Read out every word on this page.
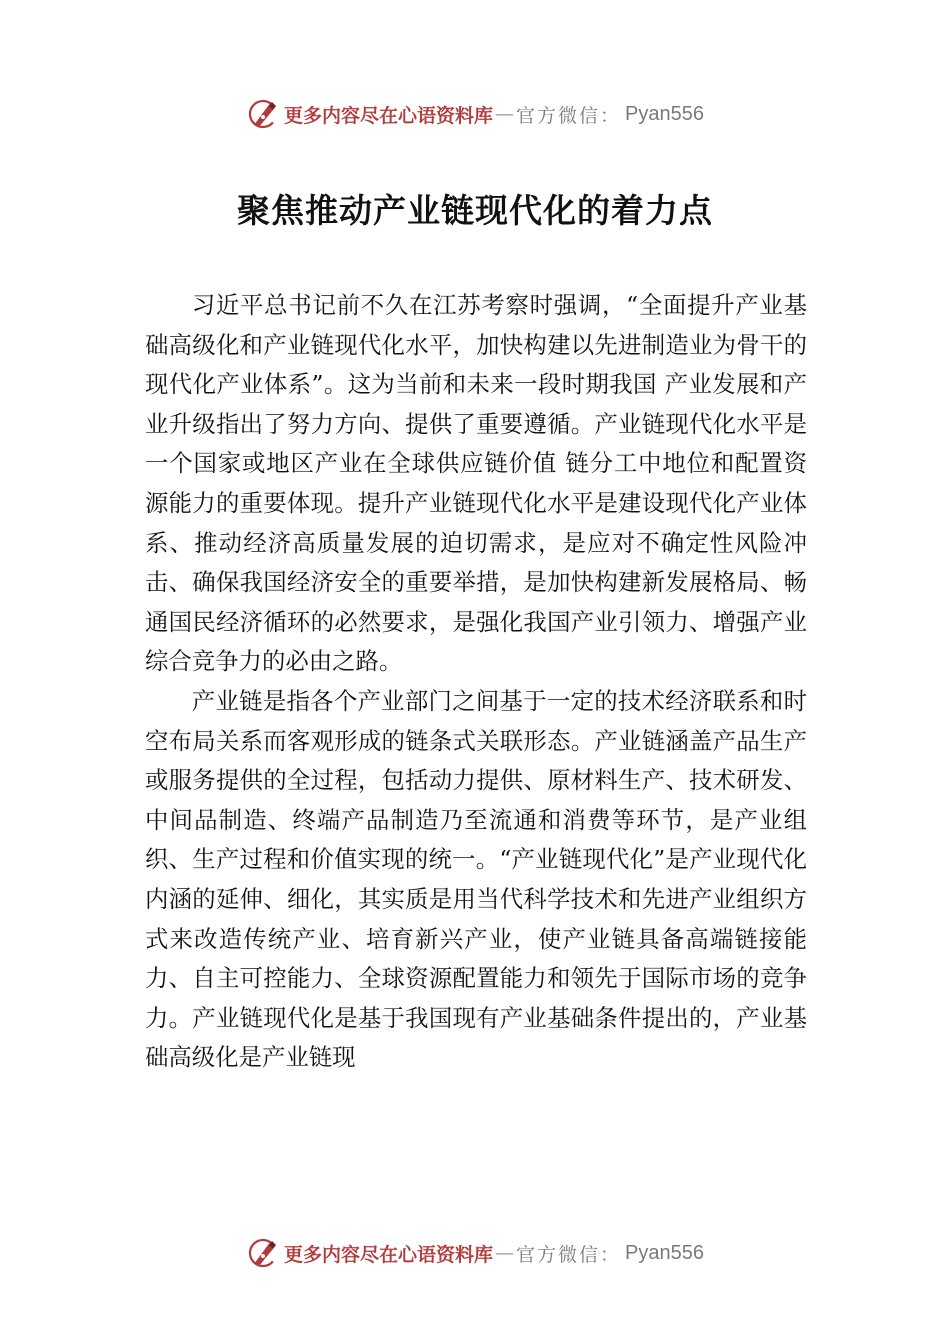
更多内容尽在心语资料库 — 官方微信： Pyan556
聚焦推动产业链现代化的着力点

习近平总书记前不久在江苏考察时强调，“全面提升产业基础高级化和产业链现代化水平，加快构建以先进制造业为骨干的现代化产业体系”。这为当前和未来一段时期我国 产业发展和产业升级指出了努力方向、提供了重要遵循。产业链现代化水平是一个国家或地区产业在全球供应链价值 链分工中地位和配置资源能力的重要体现。提升产业链现代化水平是建设现代化产业体系、推动经济高质量发展的迫切需求，是应对不确定性风险冲击、确保我国经济安全的重要举措，是加快构建新发展格局、畅通国民经济循环的必然要求，是强化我国产业引领力、增强产业综合竞争力的必由之路。

产业链是指各个产业部门之间基于一定的技术经济联系和时空布局关系而客观形成的链条式关联形态。产业链涵盖产品生产或服务提供的全过程，包括动力提供、原材料生产、技术研发、中间品制造、终端产品制造乃至流通和消费等环节，是产业组织、生产过程和价值实现的统一。“产业链现代化”是产业现代化内涵的延伸、细化，其实质是用当代科学技术和先进产业组织方式来改造传统产业、培育新兴产业，使产业链具备高端链接能力、自主可控能力、全球资源配置能力和领先于国际市场的竞争力。产业链现代化是基于我国现有产业基础条件提出的，产业基础高级化是产业链现

更多内容尽在心语资料库 — 官方微信： Pyan556
